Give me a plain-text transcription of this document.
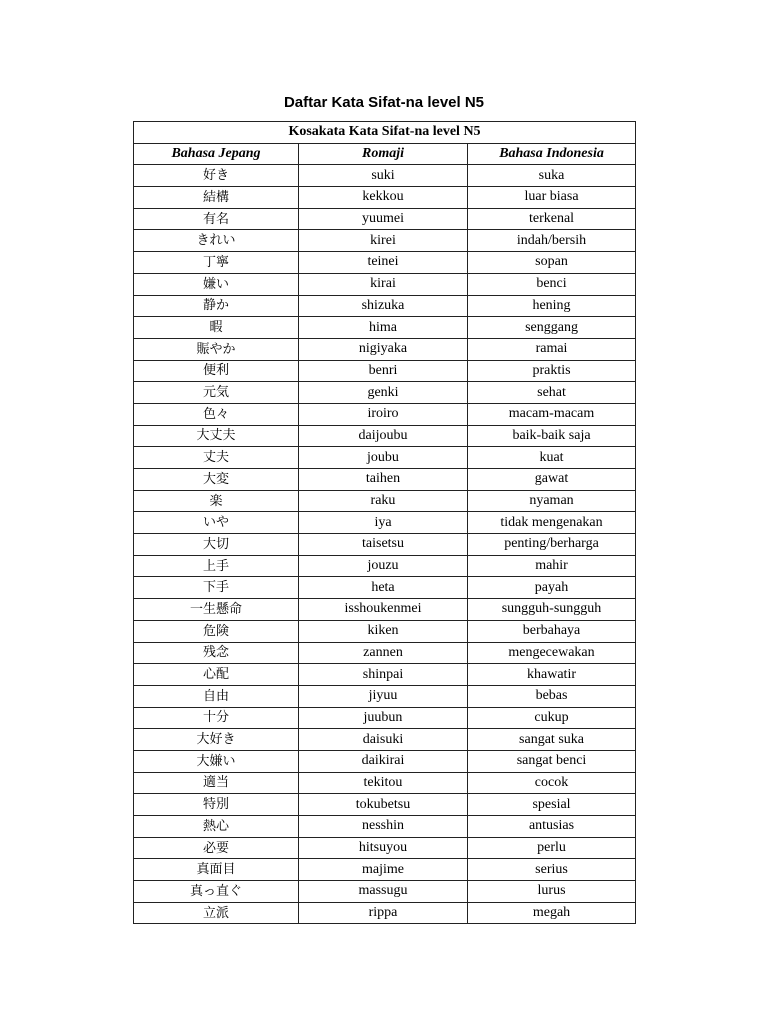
Daftar Kata Sifat-na level N5
Kosakata Kata Sifat-na level N5		
Bahasa Jepang	Romaji	Bahasa Indonesia
好き	suki	suka
結構	kekkou	luar biasa
有名	yuumei	terkenal
きれい	kirei	indah/bersih
丁寧	teinei	sopan
嫌い	kirai	benci
静か	shizuka	hening
暇	hima	senggang
賑やか	nigiyaka	ramai
便利	benri	praktis
元気	genki	sehat
色々	iroiro	macam-macam
大丈夫	daijoubu	baik-baik saja
丈夫	joubu	kuat
大変	taihen	gawat
楽	raku	nyaman
いや	iya	tidak mengenakan
大切	taisetsu	penting/berharga
上手	jouzu	mahir
下手	heta	payah
一生懸命	isshoukenmei	sungguh-sungguh
危険	kiken	berbahaya
残念	zannen	mengecewakan
心配	shinpai	khawatir
自由	jiyuu	bebas
十分	juubun	cukup
大好き	daisuki	sangat suka
大嫌い	daikirai	sangat benci
適当	tekitou	cocok
特別	tokubetsu	spesial
熱心	nesshin	antusias
必要	hitsuyou	perlu
真面目	majime	serius
真っ直ぐ	massugu	lurus
立派	rippa	megah
